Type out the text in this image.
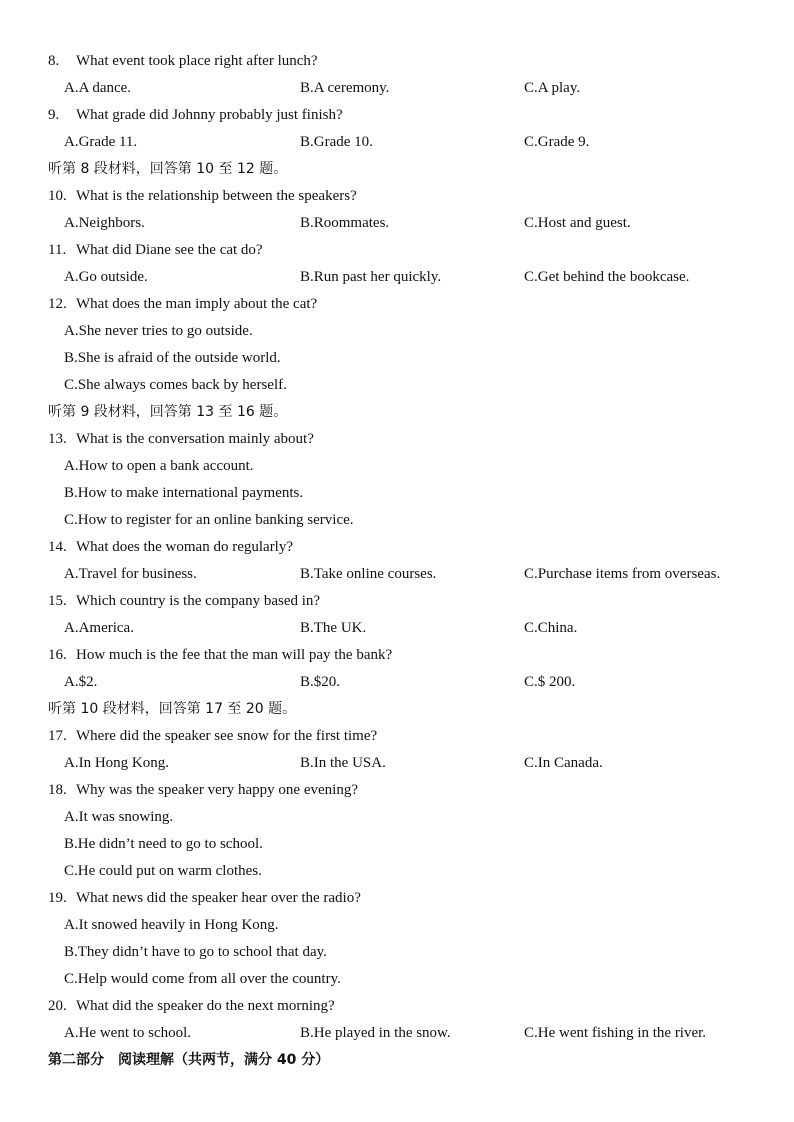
8. What event took place right after lunch?
A.A dance.	B.A ceremony.	C.A play.
9. What grade did Johnny probably just finish?
A.Grade 11.	B.Grade 10.	C.Grade 9.
听第 8 段材料，回答第 10 至 12 题。
10. What is the relationship between the speakers?
A.Neighbors.	B.Roommates.	C.Host and guest.
11. What did Diane see the cat do?
A.Go outside.	B.Run past her quickly.	C.Get behind the bookcase.
12. What does the man imply about the cat?
A.She never tries to go outside.
B.She is afraid of the outside world.
C.She always comes back by herself.
听第 9 段材料，回答第 13 至 16 题。
13. What is the conversation mainly about?
A.How to open a bank account.
B.How to make international payments.
C.How to register for an online banking service.
14. What does the woman do regularly?
A.Travel for business.	B.Take online courses.	C.Purchase items from overseas.
15. Which country is the company based in?
A.America.	B.The UK.	C.China.
16. How much is the fee that the man will pay the bank?
A.$2.	B.$20.	C.$ 200.
听第 10 段材料，回答第 17 至 20 题。
17. Where did the speaker see snow for the first time?
A.In Hong Kong.	B.In the USA.	C.In Canada.
18. Why was the speaker very happy one evening?
A.It was snowing.
B.He didn’t need to go to school.
C.He could put on warm clothes.
19. What news did the speaker hear over the radio?
A.It snowed heavily in Hong Kong.
B.They didn’t have to go to school that day.
C.Help would come from all over the country.
20. What did the speaker do the next morning?
A.He went to school.	B.He played in the snow.	C.He went fishing in the river.
第二部分　阅读理解（共两节，满分 40 分）
